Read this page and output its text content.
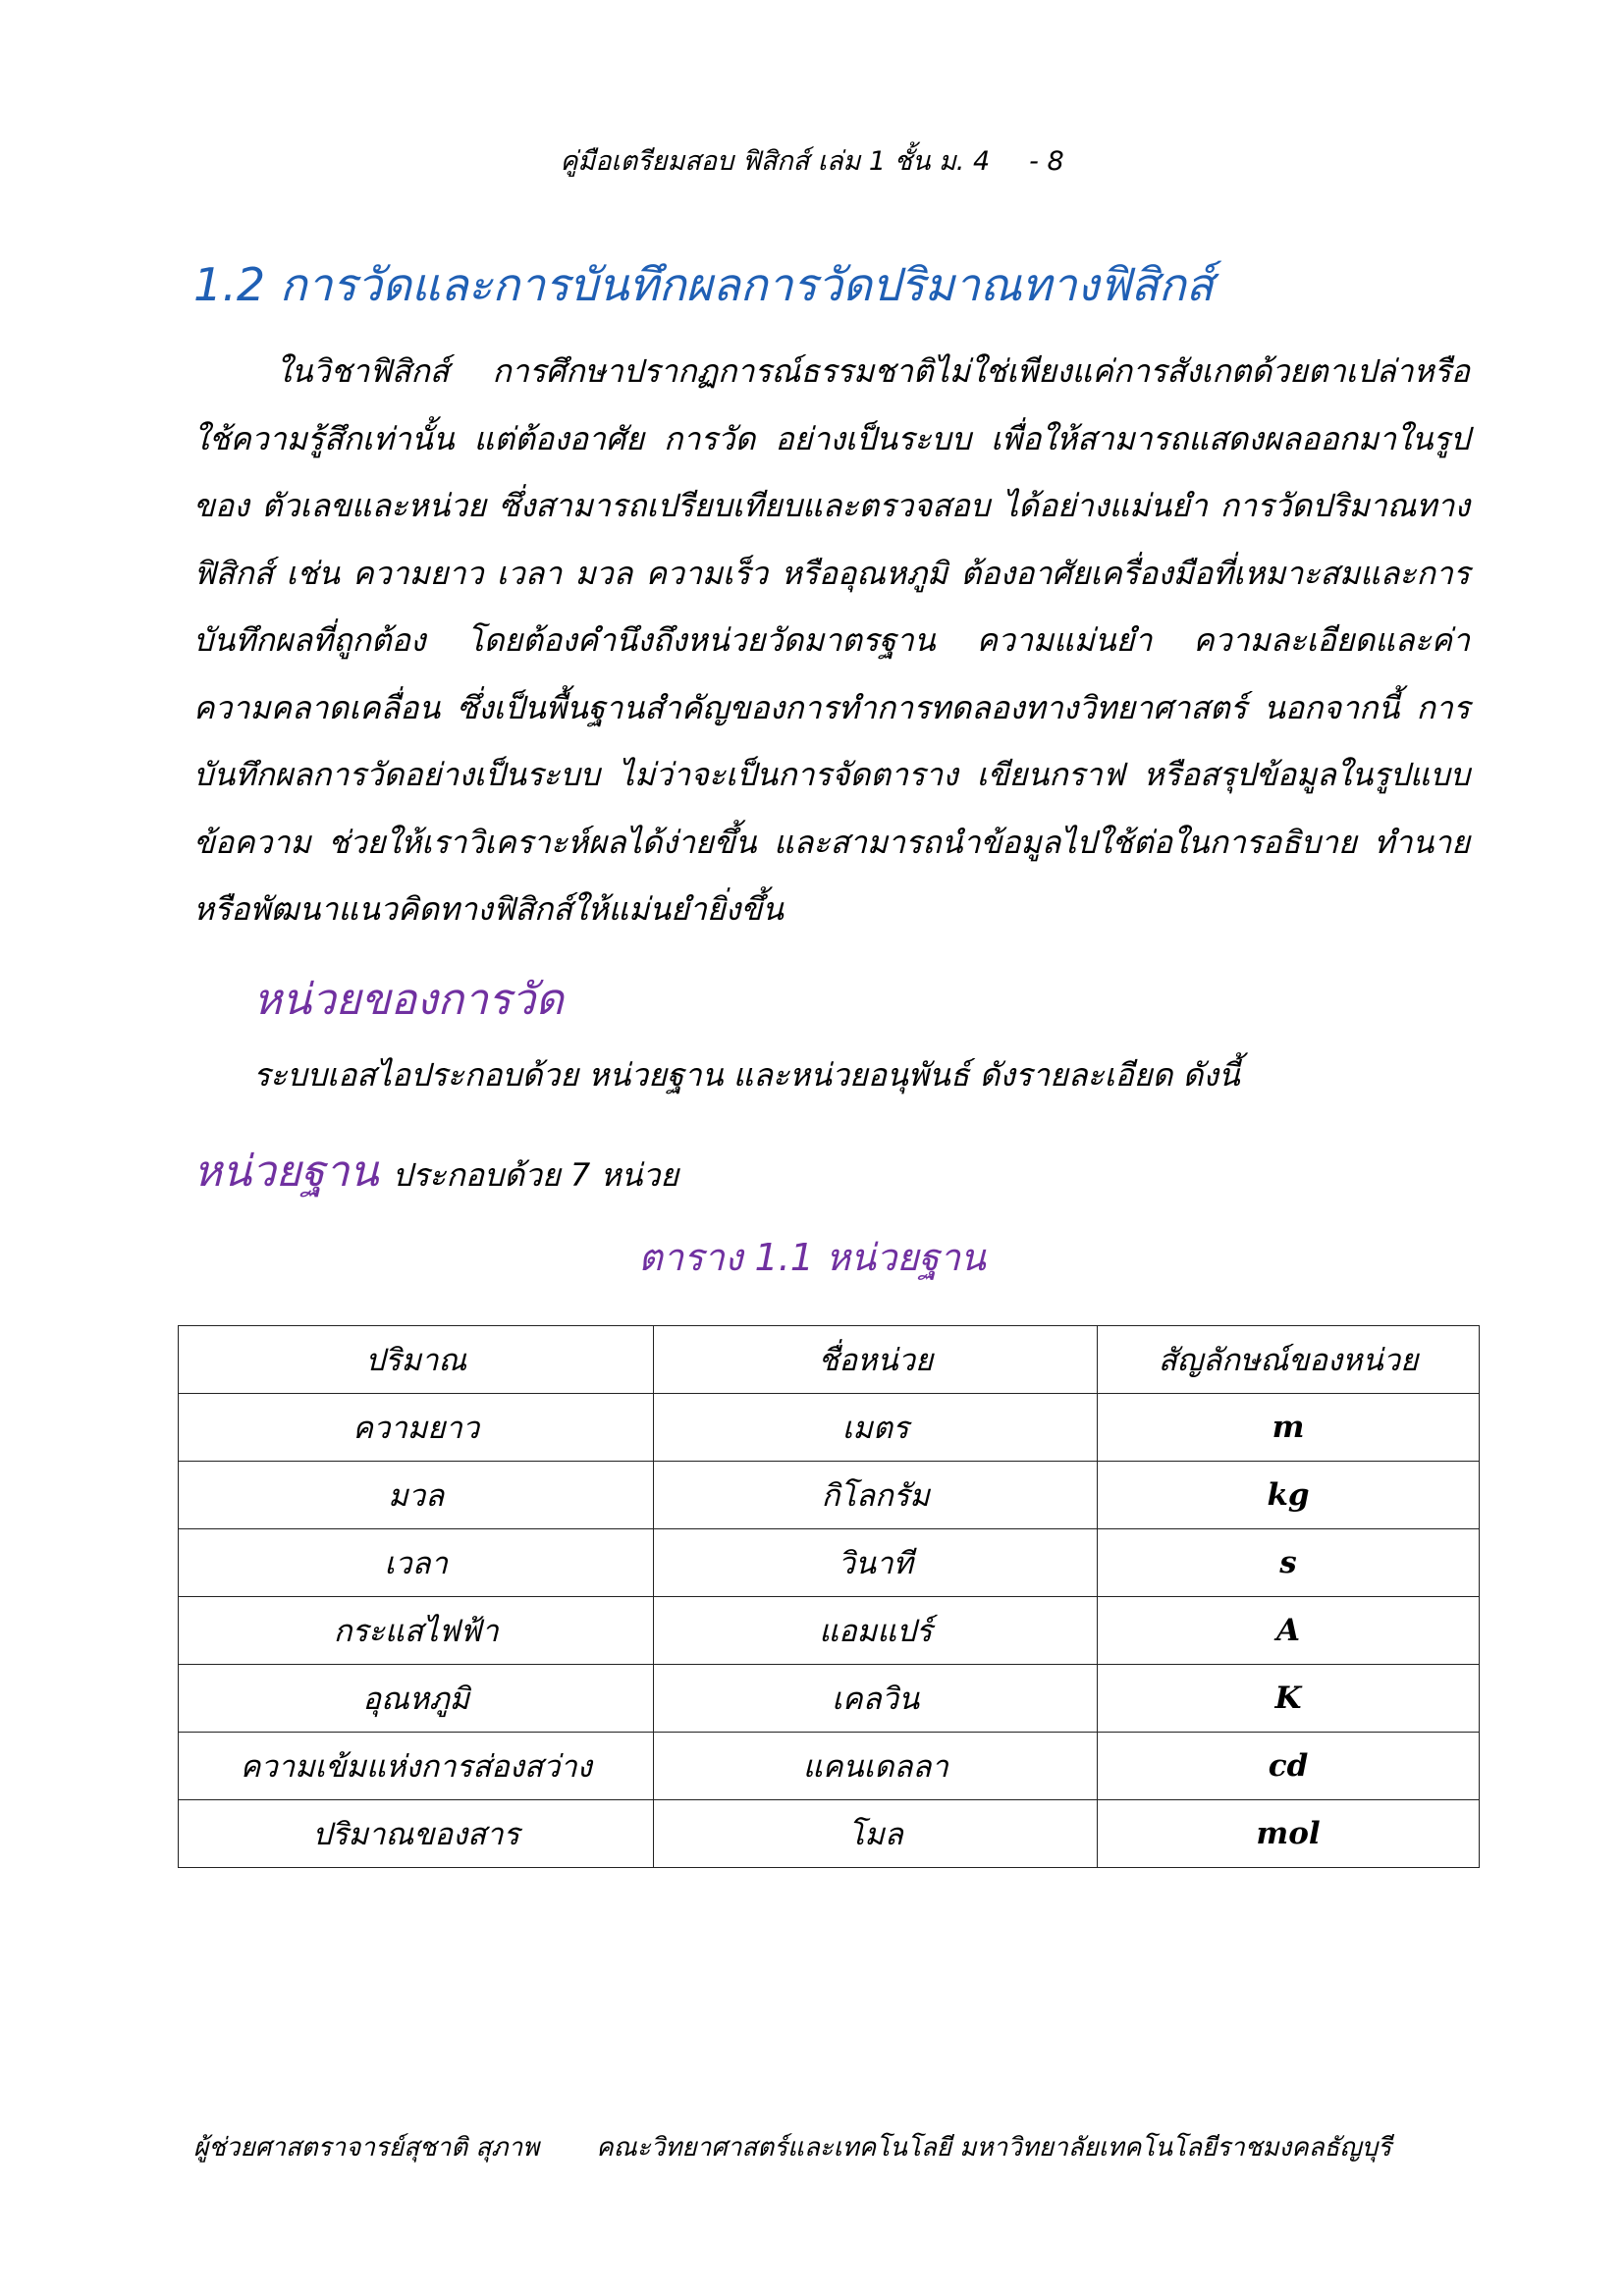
คู่มือเตรียมสอบ ฟิสิกส์ เล่ม 1 ชั้น ม. 4 - 8
1.2 การวัดและการบันทึกผลการวัดปริมาณทางฟิสิกส์
ในวิชาฟิสิกส์ การศึกษาปรากฏการณ์ธรรมชาติไม่ใช่เพียงแค่การสังเกตด้วยตาเปล่าหรือใช้ความรู้สึกเท่านั้น แต่ต้องอาศัย การวัด อย่างเป็นระบบ เพื่อให้สามารถแสดงผลออกมาในรูปของ ตัวเลขและหน่วย ซึ่งสามารถเปรียบเทียบและตรวจสอบ ได้อย่างแม่นยำ การวัดปริมาณทางฟิสิกส์ เช่น ความยาว เวลา มวล ความเร็ว หรืออุณหภูมิ ต้องอาศัยเครื่องมือที่เหมาะสมและการบันทึกผลที่ถูกต้อง โดยต้องคำนึงถึงหน่วยวัดมาตรฐาน ความแม่นยำ ความละเอียดและค่าความคลาดเคลื่อน ซึ่งเป็นพื้นฐานสำคัญของการทำการทดลองทางวิทยาศาสตร์ นอกจากนี้ การบันทึกผลการวัดอย่างเป็นระบบ ไม่ว่าจะเป็นการจัดตาราง เขียนกราฟ หรือสรุปข้อมูลในรูปแบบข้อความ ช่วยให้เราวิเคราะห์ผลได้ง่ายขึ้น และสามารถนำข้อมูลไปใช้ต่อในการอธิบาย ทำนาย หรือพัฒนาแนวคิดทางฟิสิกส์ให้แม่นยำยิ่งขึ้น
หน่วยของการวัด
ระบบเอสไอประกอบด้วย หน่วยฐาน และหน่วยอนุพันธ์ ดังรายละเอียด ดังนี้
หน่วยฐาน ประกอบด้วย 7 หน่วย
ตาราง 1.1 หน่วยฐาน
ปริมาณ	ชื่อหน่วย	สัญลักษณ์ของหน่วย
ความยาว	เมตร	m
มวล	กิโลกรัม	kg
เวลา	วินาที	s
กระแสไฟฟ้า	แอมแปร์	A
อุณหภูมิ	เคลวิน	K
ความเข้มแห่งการส่องสว่าง	แคนเดลลา	cd
ปริมาณของสาร	โมล	mol
ผู้ช่วยศาสตราจารย์สุชาติ สุภาพ คณะวิทยาศาสตร์และเทคโนโลยี มหาวิทยาลัยเทคโนโลยีราชมงคลธัญบุรี
